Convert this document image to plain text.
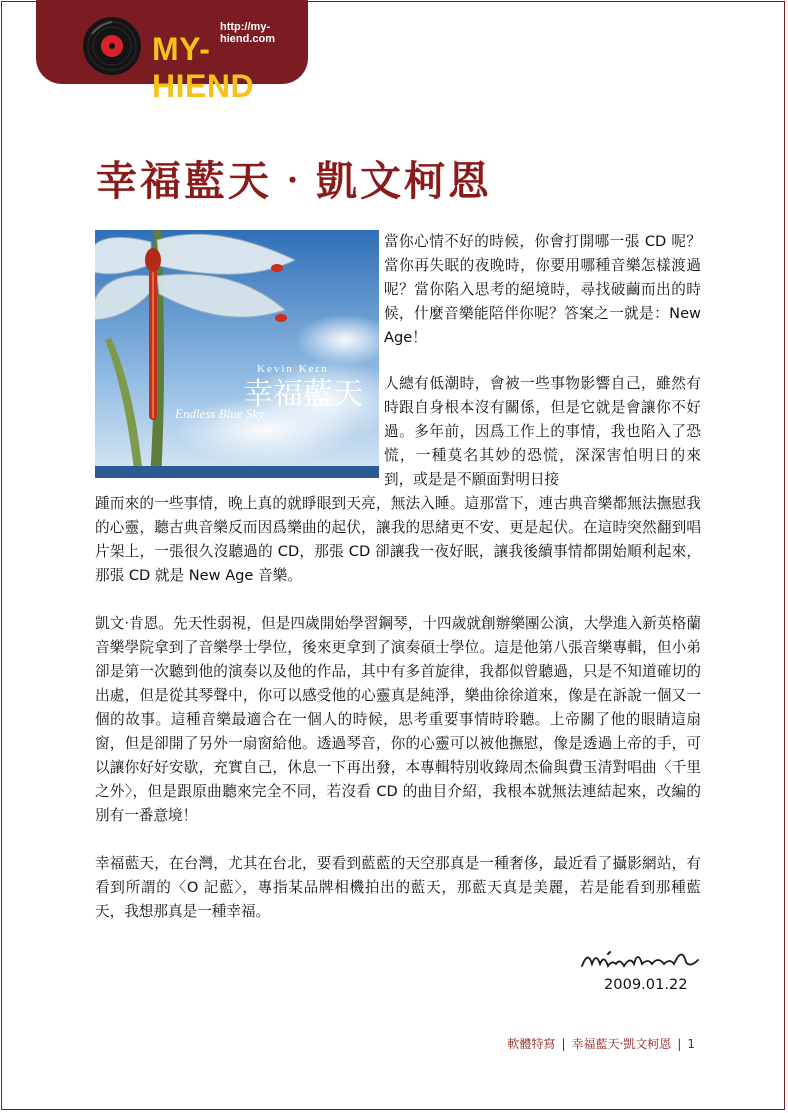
http://my-hiend.com
MY-HIEND
幸福藍天‧凱文柯恩
幸福藍天
Kevin Kern
Endless Blue Sky
當你心情不好的時候，你會打開哪一張 CD 呢？當你再失眠的夜晚時，你要用哪種音樂怎樣渡過呢？當你陷入思考的絕境時，尋找破繭而出的時候，什麼音樂能陪伴你呢？答案之一就是：New Age！
人總有低潮時，會被一些事物影響自己，雖然有時跟自身根本沒有關係，但是它就是會讓你不好過。多年前，因爲工作上的事情，我也陷入了恐慌，一種莫名其妙的恐慌，深深害怕明日的來到，或是是不願面對明日接
踵而來的一些事情，晚上真的就睜眼到天亮，無法入睡。這那當下，連古典音樂都無法撫慰我的心靈，聽古典音樂反而因爲樂曲的起伏，讓我的思緒更不安、更是起伏。在這時突然翻到唱片架上，一張很久沒聽過的 CD，那張 CD 卻讓我一夜好眠，讓我後續事情都開始順利起來，那張 CD 就是 New Age 音樂。
凱文‧肯恩。先天性弱視，但是四歲開始學習鋼琴，十四歲就創辦樂團公演，大學進入新英格蘭音樂學院拿到了音樂學士學位，後來更拿到了演奏碩士學位。這是他第八張音樂專輯，但小弟卻是第一次聽到他的演奏以及他的作品，其中有多首旋律，我都似曾聽過，只是不知道確切的出處，但是從其琴聲中，你可以感受他的心靈真是純淨，樂曲徐徐道來，像是在訴說一個又一個的故事。這種音樂最適合在一個人的時候，思考重要事情時聆聽。上帝關了他的眼睛這扇窗，但是卻開了另外一扇窗給他。透過琴音，你的心靈可以被他撫慰，像是透過上帝的手，可以讓你好好安歇，充實自己，休息一下再出發，本專輯特別收錄周杰倫與費玉清對唱曲〈千里之外〉，但是跟原曲聽來完全不同，若沒看 CD 的曲目介紹，我根本就無法連結起來，改編的別有一番意境！
幸福藍天，在台灣，尤其在台北，要看到藍藍的天空那真是一種奢侈，最近看了攝影網站，有看到所謂的〈O 記藍〉，專指某品牌相機拍出的藍天，那藍天真是美麗，若是能看到那種藍天，我想那真是一種幸福。
2009.01.22
軟體特寫 | 幸福藍天‧凱文柯恩 | 1
